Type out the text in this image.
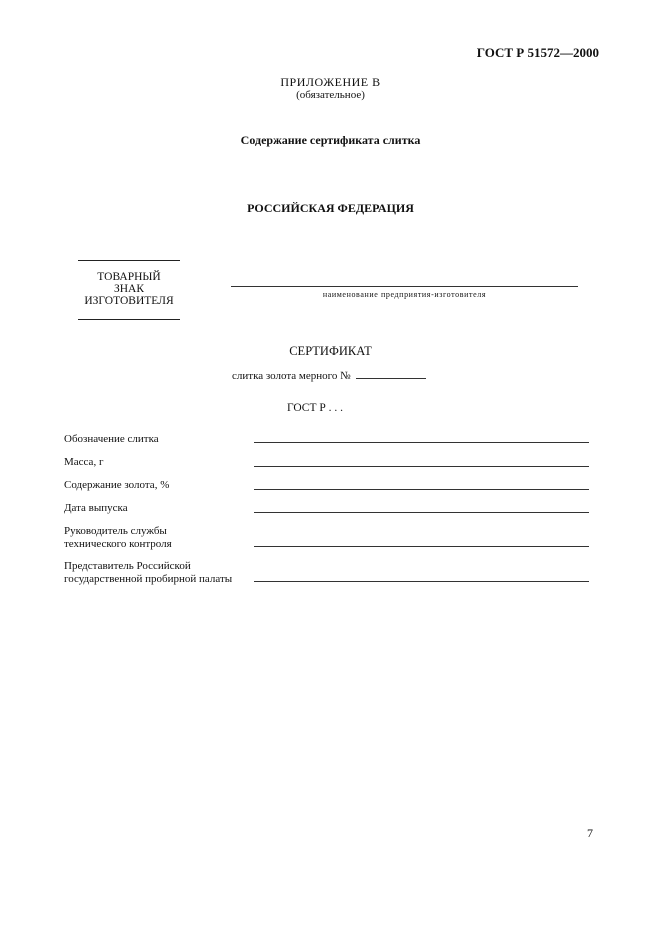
ГОСТ Р 51572—2000
ПРИЛОЖЕНИЕ В
(обязательное)
Содержание сертификата слитка
РОССИЙСКАЯ ФЕДЕРАЦИЯ
ТОВАРНЫЙ
ЗНАК
ИЗГОТОВИТЕЛЯ
наименование предприятия-изготовителя
СЕРТИФИКАТ
слитка золота мерного №
ГОСТ Р . . .
Обозначение слитка
Масса, г
Содержание золота, %
Дата выпуска
Руководитель службы
технического контроля
Представитель Российской
государственной пробирной палаты
7
